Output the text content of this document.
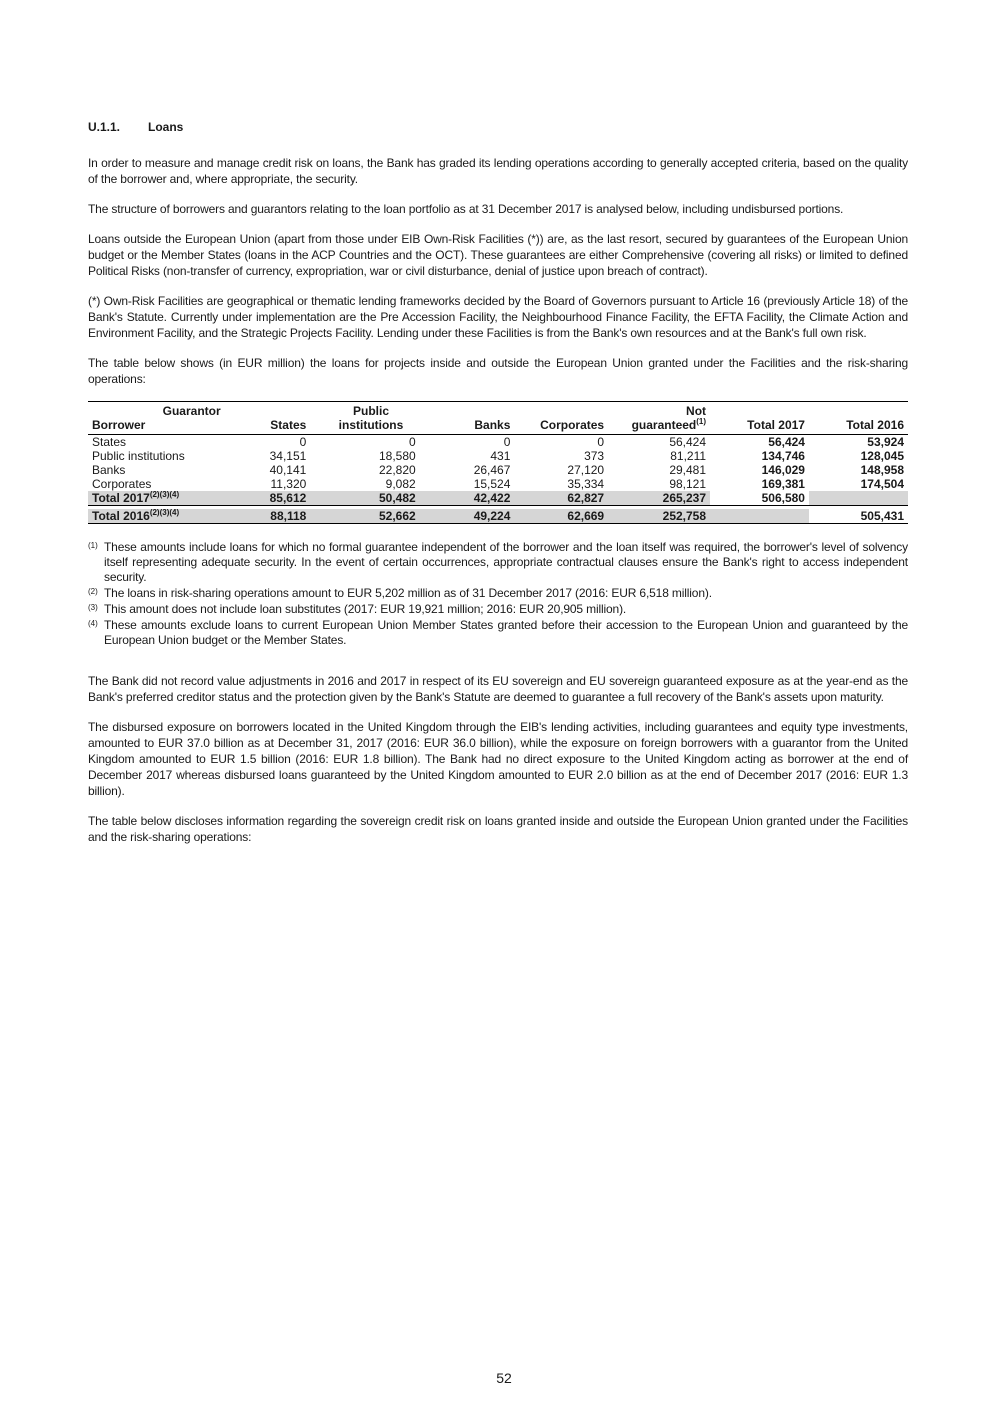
U.1.1. Loans

In order to measure and manage credit risk on loans, the Bank has graded its lending operations according to generally accepted criteria, based on the quality of the borrower and, where appropriate, the security.

The structure of borrowers and guarantors relating to the loan portfolio as at 31 December 2017 is analysed below, including undisbursed portions.

Loans outside the European Union (apart from those under EIB Own-Risk Facilities (*)) are, as the last resort, secured by guarantees of the European Union budget or the Member States (loans in the ACP Countries and the OCT). These guarantees are either Comprehensive (covering all risks) or limited to defined Political Risks (non-transfer of currency, expropriation, war or civil disturbance, denial of justice upon breach of contract).

(*) Own-Risk Facilities are geographical or thematic lending frameworks decided by the Board of Governors pursuant to Article 16 (previously Article 18) of the Bank's Statute. Currently under implementation are the Pre Accession Facility, the Neighbourhood Finance Facility, the EFTA Facility, the Climate Action and Environment Facility, and the Strategic Projects Facility. Lending under these Facilities is from the Bank's own resources and at the Bank's full own risk.

The table below shows (in EUR million) the loans for projects inside and outside the European Union granted under the Facilities and the risk-sharing operations:

Guarantor
Borrower	States	Public institutions	Banks	Corporates	Not guaranteed$^{(1)}$	Total 2017	Total 2016
States	0	0	0	0	56,424	56,424	53,924
Public institutions	34,151	18,580	431	373	81,211	134,746	128,045
Banks	40,141	22,820	26,467	27,120	29,481	146,029	148,958
Corporates	11,320	9,082	15,524	35,334	98,121	169,381	174,504
Total $2017^{(2)(3)(4)}$	85,612	50,482	42,422	62,827	265,237	506,580	

Total $2016^{(2)(3)(4)}$	88,118	52,662	49,224	62,669	252,758		505,431
(1) These amounts include loans for which no formal guarantee independent of the borrower and the loan itself was required, the borrower's level of solvency itself representing adequate security. In the event of certain occurrences, appropriate contractual clauses ensure the Bank's right to access independent security.
(2) The loans in risk-sharing operations amount to EUR 5,202 million as of 31 December 2017 (2016: EUR 6,518 million).
(3) This amount does not include loan substitutes (2017: EUR 19,921 million; 2016: EUR 20,905 million).
(4) These amounts exclude loans to current European Union Member States granted before their accession to the European Union and guaranteed by the European Union budget or the Member States.

The Bank did not record value adjustments in 2016 and 2017 in respect of its EU sovereign and EU sovereign guaranteed exposure as at the year-end as the Bank's preferred creditor status and the protection given by the Bank's Statute are deemed to guarantee a full recovery of the Bank's assets upon maturity.

The disbursed exposure on borrowers located in the United Kingdom through the EIB's lending activities, including guarantees and equity type investments, amounted to EUR 37.0 billion as at December 31, 2017 (2016: EUR 36.0 billion), while the exposure on foreign borrowers with a guarantor from the United Kingdom amounted to EUR 1.5 billion (2016: EUR 1.8 billion). The Bank had no direct exposure to the United Kingdom acting as borrower at the end of December 2017 whereas disbursed loans guaranteed by the United Kingdom amounted to EUR 2.0 billion as at the end of December 2017 (2016: EUR 1.3 billion).

The table below discloses information regarding the sovereign credit risk on loans granted inside and outside the European Union granted under the Facilities and the risk-sharing operations:

52
